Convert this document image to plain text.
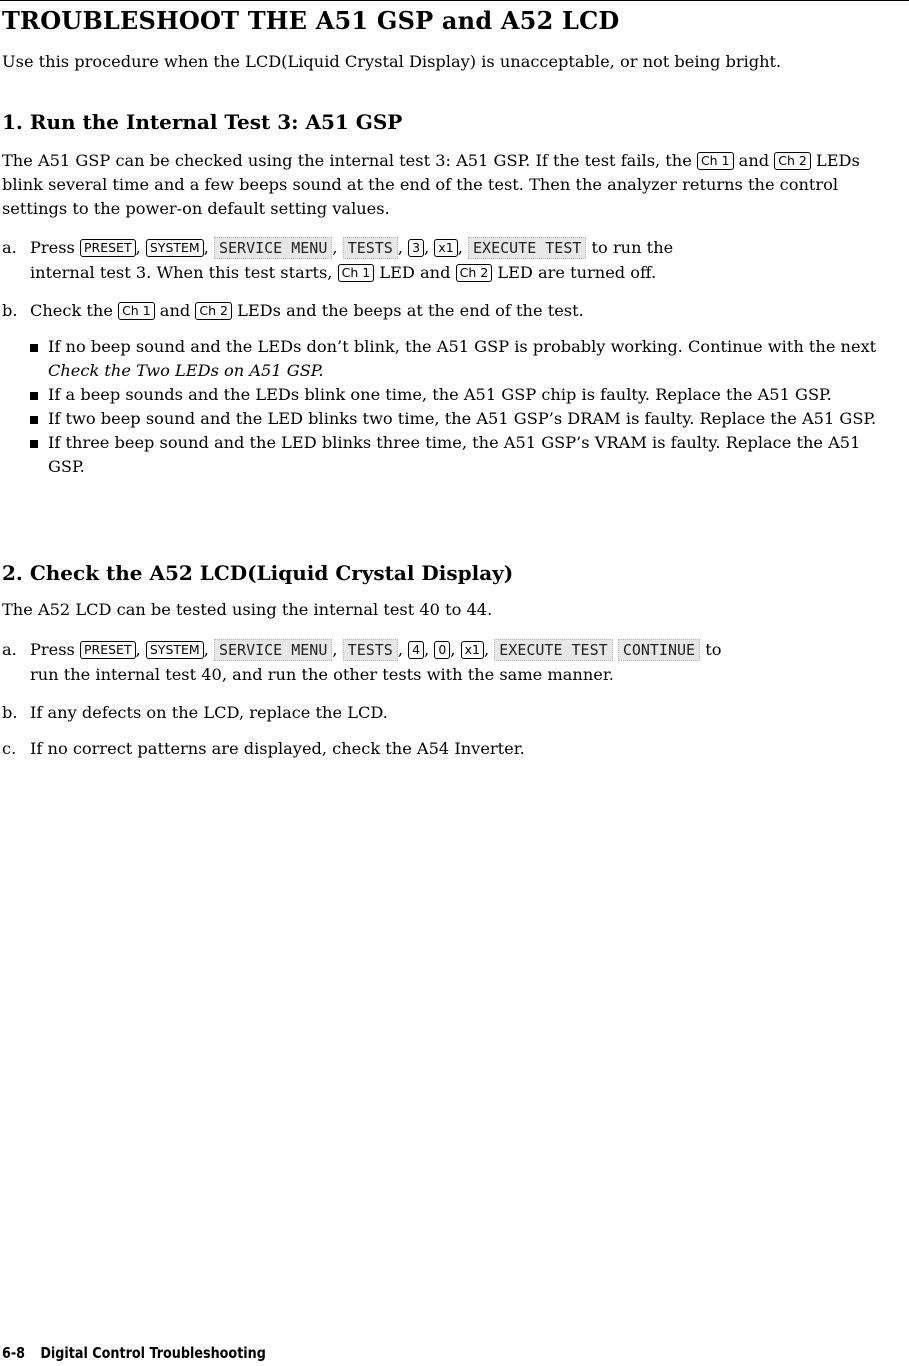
TROUBLESHOOT THE A51 GSP and A52 LCD

Use this procedure when the LCD(Liquid Crystal Display) is unacceptable, or not being bright.

1. Run the Internal Test 3: A51 GSP

The A51 GSP can be checked using the internal test 3: A51 GSP. If the test fails, the Ch 1 and Ch 2 LEDs blink several time and a few beeps sound at the end of the test. Then the analyzer returns the control settings to the power-on default setting values.

a. Press PRESET , SYSTEM , SERVICE MENU , TESTS , 3 , x1 , EXECUTE TEST to run the
internal test 3. When this test starts, Ch 1 LED and Ch 2 LED are turned off.
b. Check the Ch 1 and Ch 2 LEDs and the beeps at the end of the test.
If no beep sound and the LEDs don’t blink, the A51 GSP is probably working. Continue with the next Check the Two LEDs on A51 GSP.
If a beep sounds and the LEDs blink one time, the A51 GSP chip is faulty. Replace the A51 GSP.
If two beep sound and the LED blinks two time, the A51 GSP’s DRAM is faulty. Replace the A51 GSP.
If three beep sound and the LED blinks three time, the A51 GSP’s VRAM is faulty. Replace the A51 GSP.
2. Check the A52 LCD(Liquid Crystal Display)

The A52 LCD can be tested using the internal test 40 to 44.

a. Press PRESET , SYSTEM , SERVICE MENU , TESTS , 4 , 0 , x1 , EXECUTE TEST CONTINUE to
run the internal test 40, and run the other tests with the same manner.
b. If any defects on the LCD, replace the LCD.
c. If no correct patterns are displayed, check the A54 Inverter.
6-8 Digital Control Troubleshooting
